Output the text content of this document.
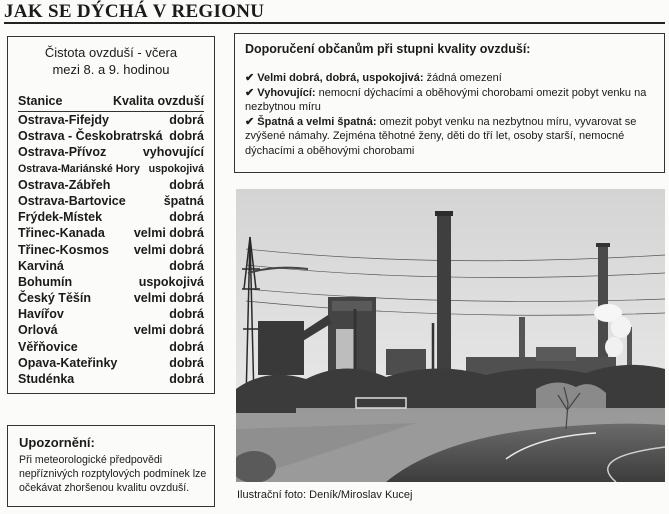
JAK SE DÝCHÁ V REGIONU
Čistota ovzduší - včera
mezi 8. a 9. hodinou
Stanice	Kvalita ovzduší
Ostrava-Fifejdy	dobrá
Ostrava - Českobratrská dobrá
Ostrava-Přívoz	vyhovující
Ostrava-Mariánské Hory uspokojivá
Ostrava-Zábřeh	dobrá
Ostrava-Bartovice	špatná
Frýdek-Místek	dobrá
Třinec-Kanada velmi dobrá
Třinec-Kosmos velmi dobrá
Karviná	dobrá
Bohumín	uspokojivá
Český Těšín	velmi dobrá
Havířov	dobrá
Orlová	velmi dobrá
Věřňovice	dobrá
Opava-Kateřinky	dobrá
Studénka	dobrá
Upozornění:
Při meteorologické předpovědi nepříznivých rozptylových podmínek lze očekávat zhoršenou kvalitu ovzduší.
Doporučení občanům při stupni kvality ovzduší:

✔ Velmi dobrá, dobrá, uspokojivá: žádná omezení

✔ Vyhovující: nemocní dýchacími a oběhovými chorobami omezit pobyt venku na nezbytnou míru

✔ Špatná a velmi špatná: omezit pobyt venku na nezbytnou míru, vyvarovat se zvýšené námahy. Zejména těhotné ženy, děti do tří let, osoby starší, nemocné dýchacími a oběhovými chorobami

Ilustrační foto: Deník/Miroslav Kucej
